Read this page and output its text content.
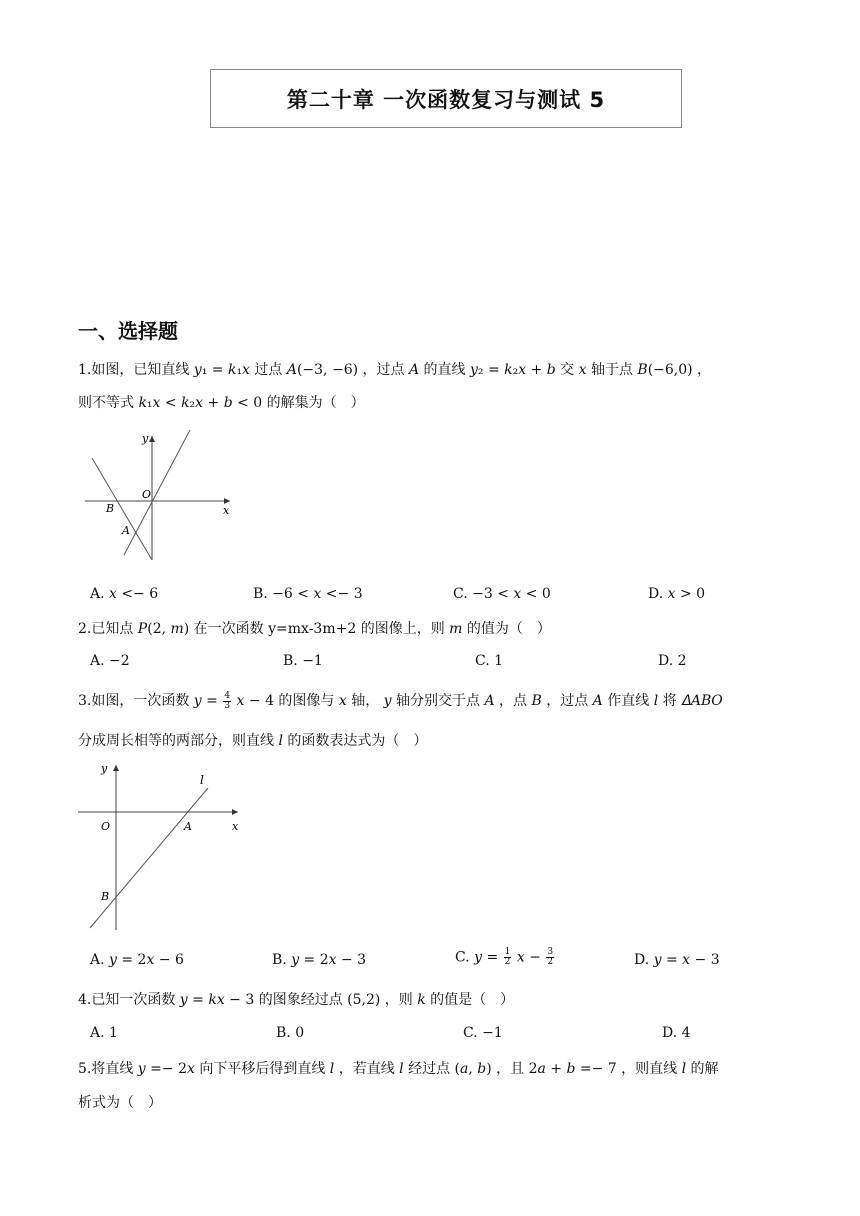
第二十章 一次函数复习与测试 5
一、选择题
1.如图，已知直线 𝑦₁ = 𝑘₁𝑥 过点 𝐴(−3, −6) ，过点 𝐴 的直线 𝑦₂ = 𝑘₂𝑥 + 𝑏 交 𝑥 轴于点 𝐵(−6,0) ，
则不等式 𝑘₁𝑥 < 𝑘₂𝑥 + 𝑏 < 0 的解集为（　）
y
O
x
B
A
A. 𝑥 <− 6	B. −6 < 𝑥 <− 3	C. −3 < 𝑥 < 0	D. 𝑥 > 0
2.已知点 𝑃(2, 𝑚) 在一次函数 y=mx-3m+2 的图像上，则 𝑚 的值为（　）
A. −2	B. −1	C. 1	D. 2
3.如图，一次函数 𝑦 = $\frac{4}{3}$ 𝑥 − 4 的图像与 𝑥 轴， 𝑦 轴分别交于点 𝐴 ，点 𝐵 ，过点 𝐴 作直线 𝑙 将 𝛥𝐴𝐵𝑂
分成周长相等的两部分，则直线 𝑙 的函数表达式为（　）
y
l
O	A	x
B
A. 𝑦 = 2𝑥 − 6	B. 𝑦 = 2𝑥 − 3	C. 𝑦 = $\frac{1}{2}$ 𝑥 − $\frac{3}{2}$	D. 𝑦 = 𝑥 − 3
4.已知一次函数 𝑦 = 𝑘𝑥 − 3 的图象经过点 (5,2) ，则 𝑘 的值是（　）
A. 1	B. 0	C. −1	D. 4
5.将直线 𝑦 =− 2𝑥 向下平移后得到直线 𝑙 ，若直线 𝑙 经过点 (𝑎, 𝑏) ，且 2𝑎 + 𝑏 =− 7 ，则直线 𝑙 的解
析式为（　）
